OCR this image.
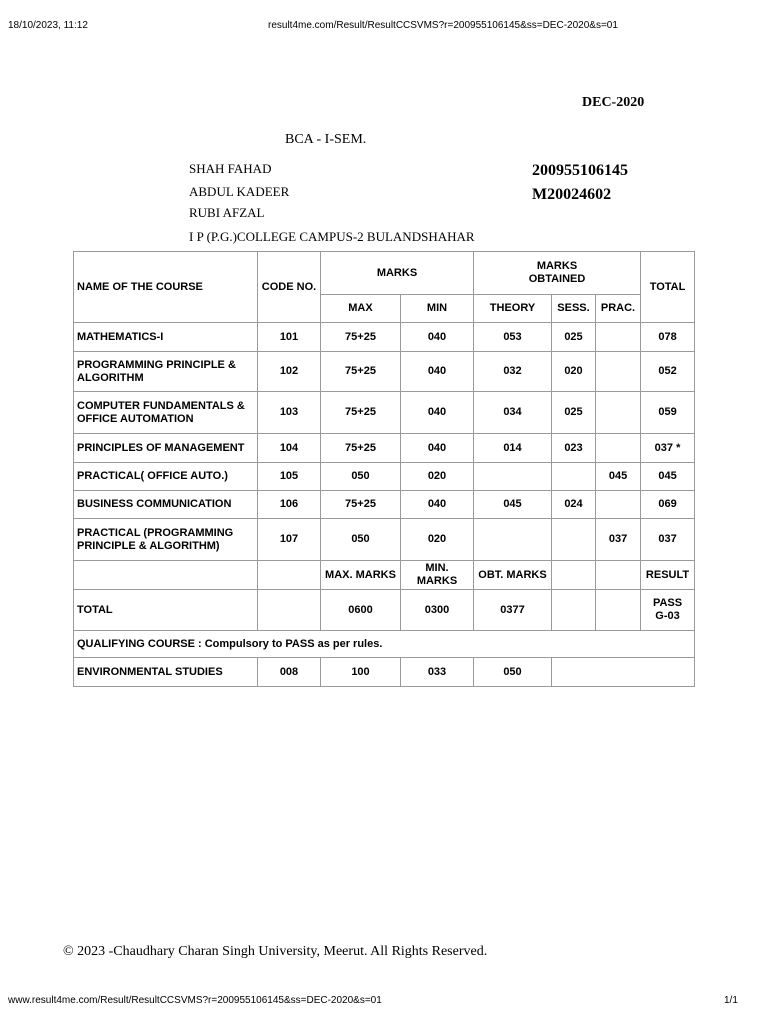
18/10/2023, 11:12	result4me.com/Result/ResultCCSVMS?r=200955106145&ss=DEC-2020&s=01
DEC-2020
BCA - I-SEM.
SHAH FAHAD
ABDUL KADEER
RUBI AFZAL
I P (P.G.)COLLEGE CAMPUS-2 BULANDSHAHAR
200955106145
M20024602
NAME OF THE COURSE	CODE NO.	MARKS		MARKS OBTAINED			TOTAL
		MAX	MIN	THEORY	SESS.	PRAC.	
MATHEMATICS-I	101	75+25	040	053	025		078
PROGRAMMING PRINCIPLE & ALGORITHM	102	75+25	040	032	020		052
COMPUTER FUNDAMENTALS & OFFICE AUTOMATION	103	75+25	040	034	025		059
PRINCIPLES OF MANAGEMENT	104	75+25	040	014	023		037 *
PRACTICAL( OFFICE AUTO.)	105	050	020			045	045
BUSINESS COMMUNICATION	106	75+25	040	045	024		069
PRACTICAL (PROGRAMMING PRINCIPLE & ALGORITHM)	107	050	020			037	037
		MAX. MARKS	MIN. MARKS	OBT. MARKS			RESULT
TOTAL		0600	0300	0377			PASS
G-03

QUALIFYING COURSE : Compulsory to PASS as per rules.							
ENVIRONMENTAL STUDIES	008	100	033	050			
© 2023 -Chaudhary Charan Singh University, Meerut. All Rights Reserved.
www.result4me.com/Result/ResultCCSVMS?r=200955106145&ss=DEC-2020&s=01	1/1
